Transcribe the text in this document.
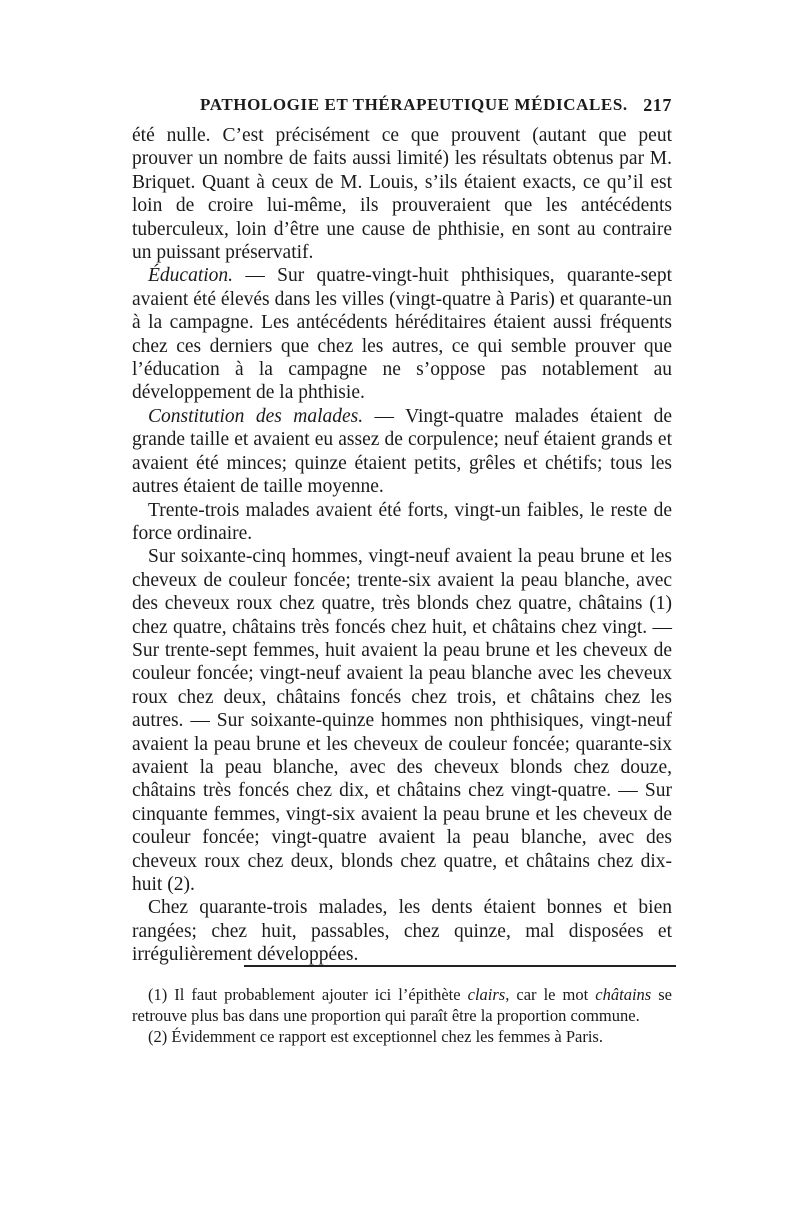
PATHOLOGIE ET THÉRAPEUTIQUE MÉDICALES. 217

été nulle. C’est précisément ce que prouvent (autant que peut prouver un nombre de faits aussi limité) les résultats obtenus par M. Briquet. Quant à ceux de M. Louis, s’ils étaient exacts, ce qu’il est loin de croire lui-même, ils prouveraient que les antécédents tuberculeux, loin d’être une cause de phthisie, en sont au contraire un puissant préservatif.

Éducation. — Sur quatre-vingt-huit phthisiques, quarante-sept avaient été élevés dans les villes (vingt-quatre à Paris) et quarante-un à la campagne. Les antécédents héréditaires étaient aussi fréquents chez ces derniers que chez les autres, ce qui semble prouver que l’éducation à la campagne ne s’oppose pas notablement au développement de la phthisie.

Constitution des malades. — Vingt-quatre malades étaient de grande taille et avaient eu assez de corpulence; neuf étaient grands et avaient été minces; quinze étaient petits, grêles et chétifs; tous les autres étaient de taille moyenne.

Trente-trois malades avaient été forts, vingt-un faibles, le reste de force ordinaire.

Sur soixante-cinq hommes, vingt-neuf avaient la peau brune et les cheveux de couleur foncée; trente-six avaient la peau blanche, avec des cheveux roux chez quatre, très blonds chez quatre, châtains (1) chez quatre, châtains très foncés chez huit, et châtains chez vingt. — Sur trente-sept femmes, huit avaient la peau brune et les cheveux de couleur foncée; vingt-neuf avaient la peau blanche avec les cheveux roux chez deux, châtains foncés chez trois, et châtains chez les autres. — Sur soixante-quinze hommes non phthisiques, vingt-neuf avaient la peau brune et les cheveux de couleur foncée; quarante-six avaient la peau blanche, avec des cheveux blonds chez douze, châtains très foncés chez dix, et châtains chez vingt-quatre. — Sur cinquante femmes, vingt-six avaient la peau brune et les cheveux de couleur foncée; vingt-quatre avaient la peau blanche, avec des cheveux roux chez deux, blonds chez quatre, et châtains chez dix-huit (2).

Chez quarante-trois malades, les dents étaient bonnes et bien rangées; chez huit, passables, chez quinze, mal disposées et irrégulièrement développées.

(1) Il faut probablement ajouter ici l’épithète clairs, car le mot châtains se retrouve plus bas dans une proportion qui paraît être la proportion commune.

(2) Évidemment ce rapport est exceptionnel chez les femmes à Paris.
